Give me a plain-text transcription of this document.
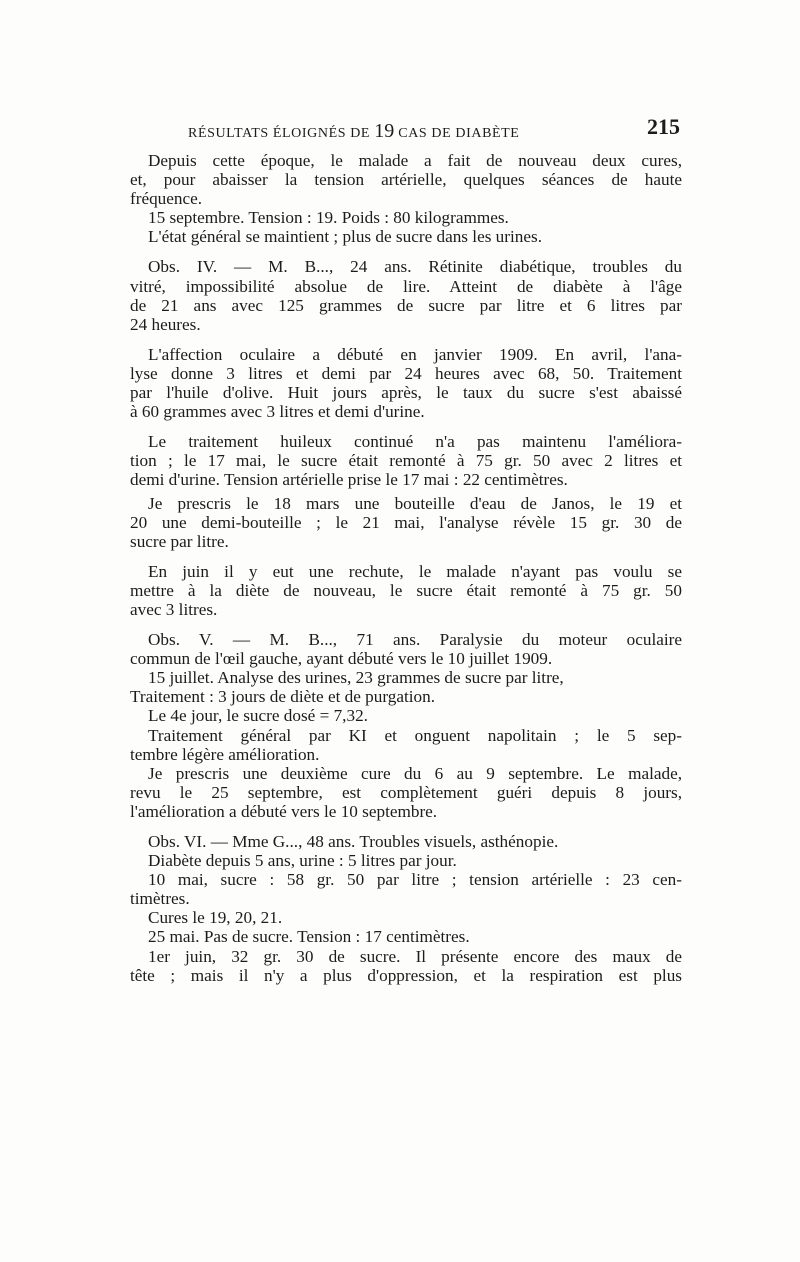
RÉSULTATS ÉLOIGNÉS DE 19 CAS DE DIABÈTE	215
Depuis cette époque, le malade a fait de nouveau deux cures,
et, pour abaisser la tension artérielle, quelques séances de haute
fréquence.
15 septembre. Tension : 19. Poids : 80 kilogrammes.
L'état général se maintient ; plus de sucre dans les urines.
Obs. IV. — M. B..., 24 ans. Rétinite diabétique, troubles du
vitré, impossibilité absolue de lire. Atteint de diabète à l'âge
de 21 ans avec 125 grammes de sucre par litre et 6 litres par
24 heures.
L'affection oculaire a débuté en janvier 1909. En avril, l'ana-
lyse donne 3 litres et demi par 24 heures avec 68, 50. Traitement
par l'huile d'olive. Huit jours après, le taux du sucre s'est abaissé
à 60 grammes avec 3 litres et demi d'urine.
Le traitement huileux continué n'a pas maintenu l'améliora-
tion ; le 17 mai, le sucre était remonté à 75 gr. 50 avec 2 litres et
demi d'urine. Tension artérielle prise le 17 mai : 22 centimètres.
Je prescris le 18 mars une bouteille d'eau de Janos, le 19 et
20 une demi-bouteille ; le 21 mai, l'analyse révèle 15 gr. 30 de
sucre par litre.
En juin il y eut une rechute, le malade n'ayant pas voulu se
mettre à la diète de nouveau, le sucre était remonté à 75 gr. 50
avec 3 litres.
Obs. V. — M. B..., 71 ans. Paralysie du moteur oculaire
commun de l'œil gauche, ayant débuté vers le 10 juillet 1909.
15 juillet. Analyse des urines, 23 grammes de sucre par litre,
Traitement : 3 jours de diète et de purgation.
Le 4e jour, le sucre dosé = 7,32.
Traitement général par KI et onguent napolitain ; le 5 sep-
tembre légère amélioration.
Je prescris une deuxième cure du 6 au 9 septembre. Le malade,
revu le 25 septembre, est complètement guéri depuis 8 jours,
l'amélioration a débuté vers le 10 septembre.
Obs. VI. — Mme G..., 48 ans. Troubles visuels, asthénopie.
Diabète depuis 5 ans, urine : 5 litres par jour.
10 mai, sucre : 58 gr. 50 par litre ; tension artérielle : 23 cen-
timètres.
Cures le 19, 20, 21.
25 mai. Pas de sucre. Tension : 17 centimètres.
1er juin, 32 gr. 30 de sucre. Il présente encore des maux de
tête ; mais il n'y a plus d'oppression, et la respiration est plus
